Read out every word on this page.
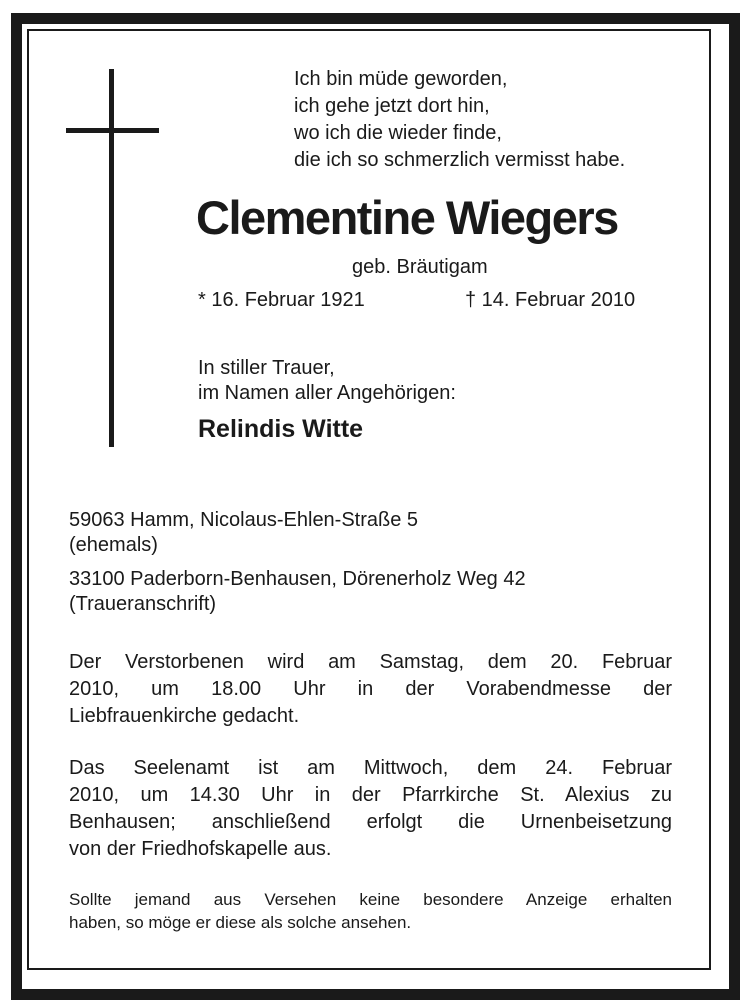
Ich bin müde geworden,
ich gehe jetzt dort hin,
wo ich die wieder finde,
die ich so schmerzlich vermisst habe.
Clementine Wiegers
geb. Bräutigam
* 16. Februar 1921	† 14. Februar 2010
In stiller Trauer,
im Namen aller Angehörigen:
Relindis Witte
59063 Hamm, Nicolaus-Ehlen-Straße 5
(ehemals)
33100 Paderborn-Benhausen, Dörenerholz Weg 42
(Traueranschrift)
Der Verstorbenen wird am Samstag, dem 20. Februar
2010, um 18.00 Uhr in der Vorabendmesse der
Liebfrauenkirche gedacht.
Das Seelenamt ist am Mittwoch, dem 24. Februar
2010, um 14.30 Uhr in der Pfarrkirche St. Alexius zu
Benhausen; anschließend erfolgt die Urnenbeisetzung
von der Friedhofskapelle aus.
Sollte jemand aus Versehen keine besondere Anzeige erhalten
haben, so möge er diese als solche ansehen.
